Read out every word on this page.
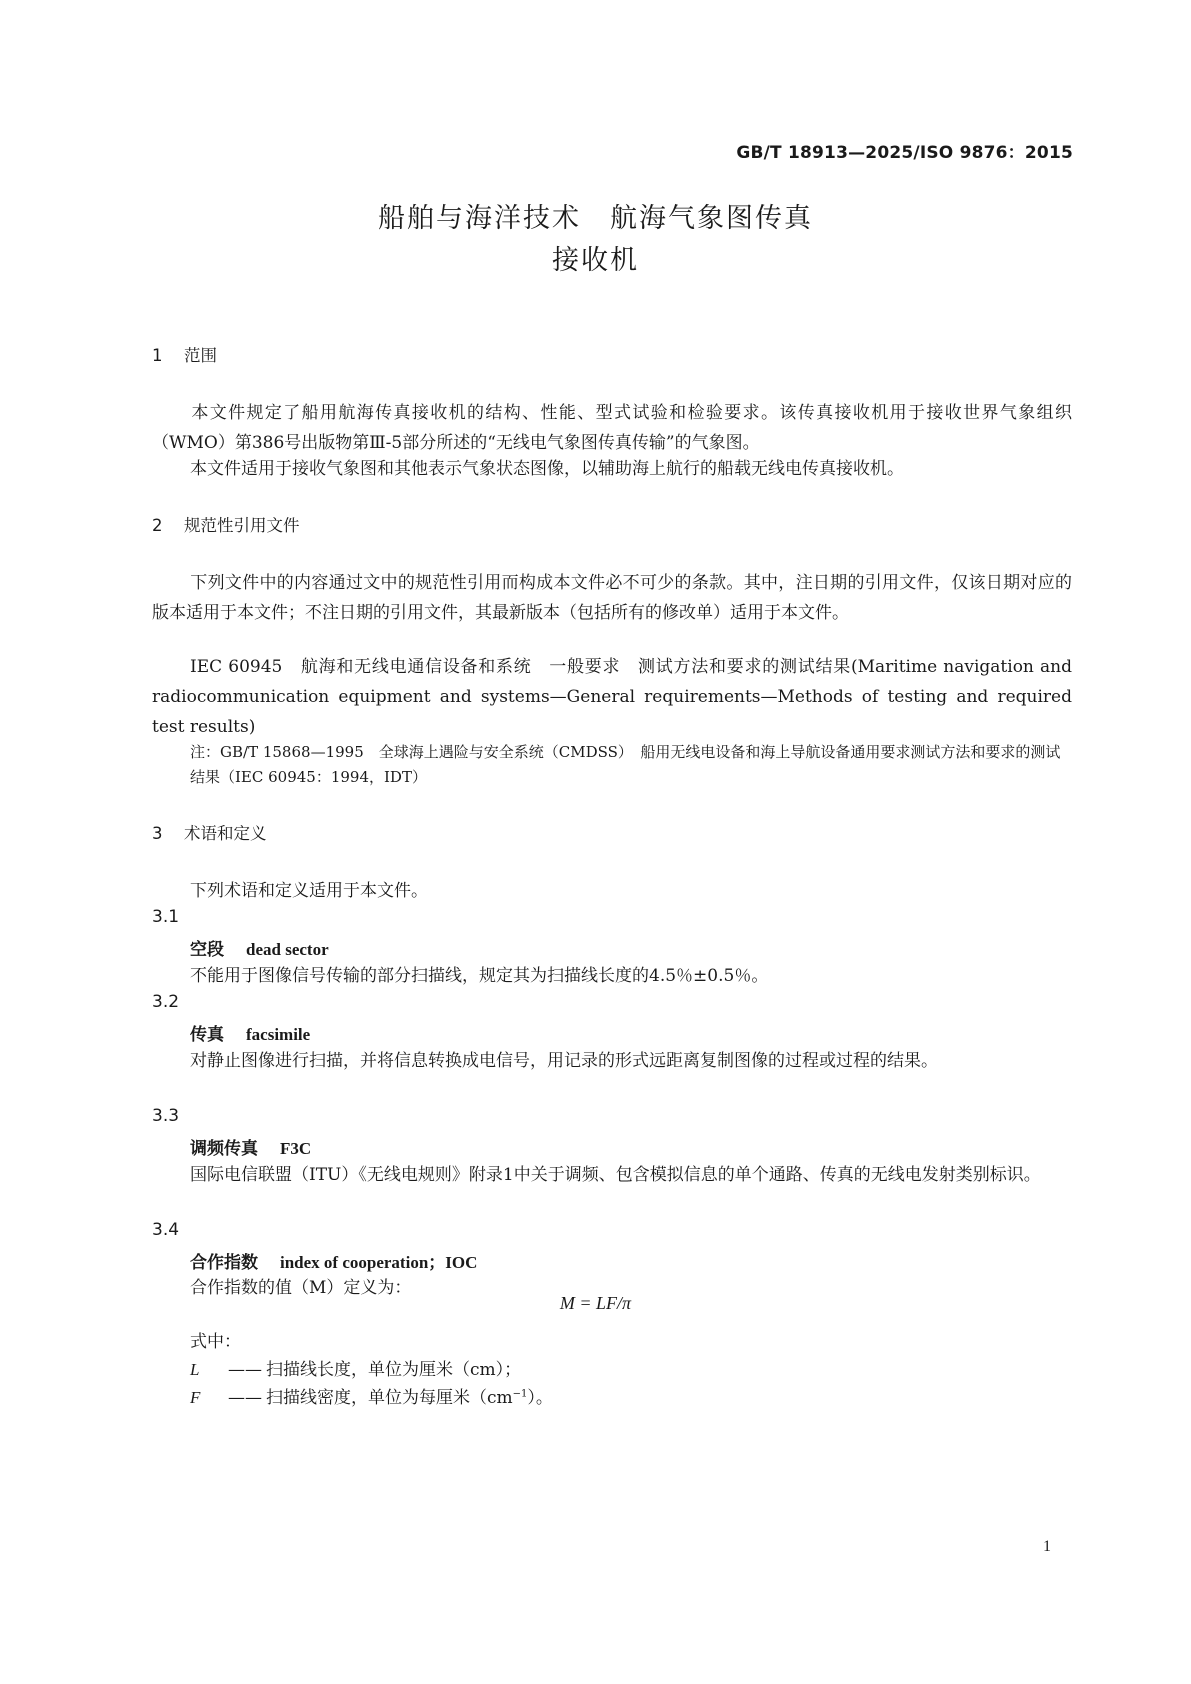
GB/T 18913—2025/ISO 9876：2015
船舶与海洋技术　航海气象图传真
接收机
1 范围
本文件规定了船用航海传真接收机的结构、性能、型式试验和检验要求。该传真接收机用于接收世界气象组织（WMO）第386号出版物第Ⅲ-5部分所述的“无线电气象图传真传输”的气象图。
本文件适用于接收气象图和其他表示气象状态图像，以辅助海上航行的船载无线电传真接收机。
2 规范性引用文件
下列文件中的内容通过文中的规范性引用而构成本文件必不可少的条款。其中，注日期的引用文件，仅该日期对应的版本适用于本文件；不注日期的引用文件，其最新版本（包括所有的修改单）适用于本文件。
IEC 60945　航海和无线电通信设备和系统　一般要求　测试方法和要求的测试结果(Maritime navigation and radiocommunication equipment and systems—General requirements—Methods of testing and required test results)
注：GB/T 15868—1995　全球海上遇险与安全系统（CMDSS）　船用无线电设备和海上导航设备通用要求测试方法和要求的测试结果（IEC 60945：1994，IDT）
3 术语和定义
下列术语和定义适用于本文件。
3.1
空段 dead sector
不能用于图像信号传输的部分扫描线，规定其为扫描线长度的4.5％±0.5％。
3.2
传真 facsimile
对静止图像进行扫描，并将信息转换成电信号，用记录的形式远距离复制图像的过程或过程的结果。
3.3
调频传真 F3C
国际电信联盟（ITU）《无线电规则》附录1中关于调频、包含模拟信息的单个通路、传真的无线电发射类别标识。
3.4
合作指数 index of cooperation；IOC
合作指数的值（M）定义为：
M = LF/π
式中：
L —— 扫描线长度，单位为厘米（cm）；
F —— 扫描线密度，单位为每厘米$(cm^{-1})$。
1
